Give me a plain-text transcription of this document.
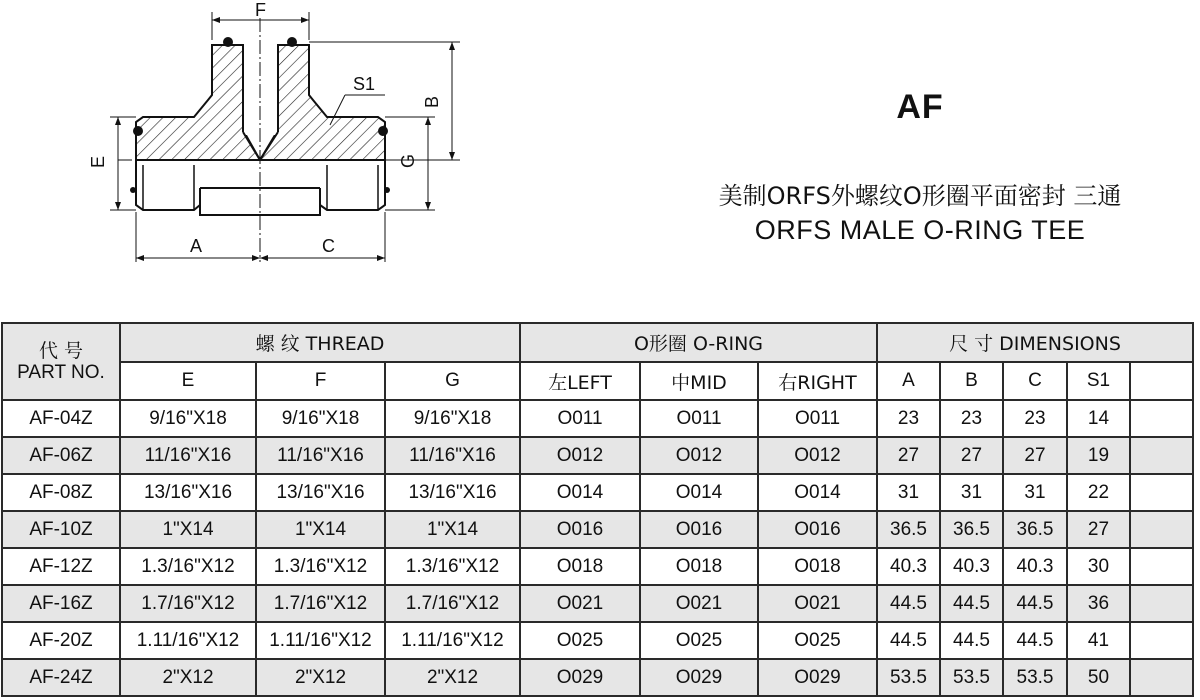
F
B
G
E
A	C
S1
AF
美制ORFS外螺纹O形圈平面密封 三通
ORFS MALE O-RING TEE
代 号
PART NO.	螺 纹 THREAD			O形圈 O-RING			尺 寸 DIMENSIONS				
	E	F	G	左LEFT	中MID	右RIGHT	A	B	C	S1	
AF-04Z	9/16"X18	9/16"X18	9/16"X18	O011	O011	O011	23	23	23	14	
AF-06Z	11/16"X16	11/16"X16	11/16"X16	O012	O012	O012	27	27	27	19	
AF-08Z	13/16"X16	13/16"X16	13/16"X16	O014	O014	O014	31	31	31	22	
AF-10Z	1"X14	1"X14	1"X14	O016	O016	O016	36.5	36.5	36.5	27	
AF-12Z	1.3/16"X12	1.3/16"X12	1.3/16"X12	O018	O018	O018	40.3	40.3	40.3	30	
AF-16Z	1.7/16"X12	1.7/16"X12	1.7/16"X12	O021	O021	O021	44.5	44.5	44.5	36	
AF-20Z	1.11/16"X12	1.11/16"X12	1.11/16"X12	O025	O025	O025	44.5	44.5	44.5	41	
AF-24Z	2"X12	2"X12	2"X12	O029	O029	O029	53.5	53.5	53.5	50	
